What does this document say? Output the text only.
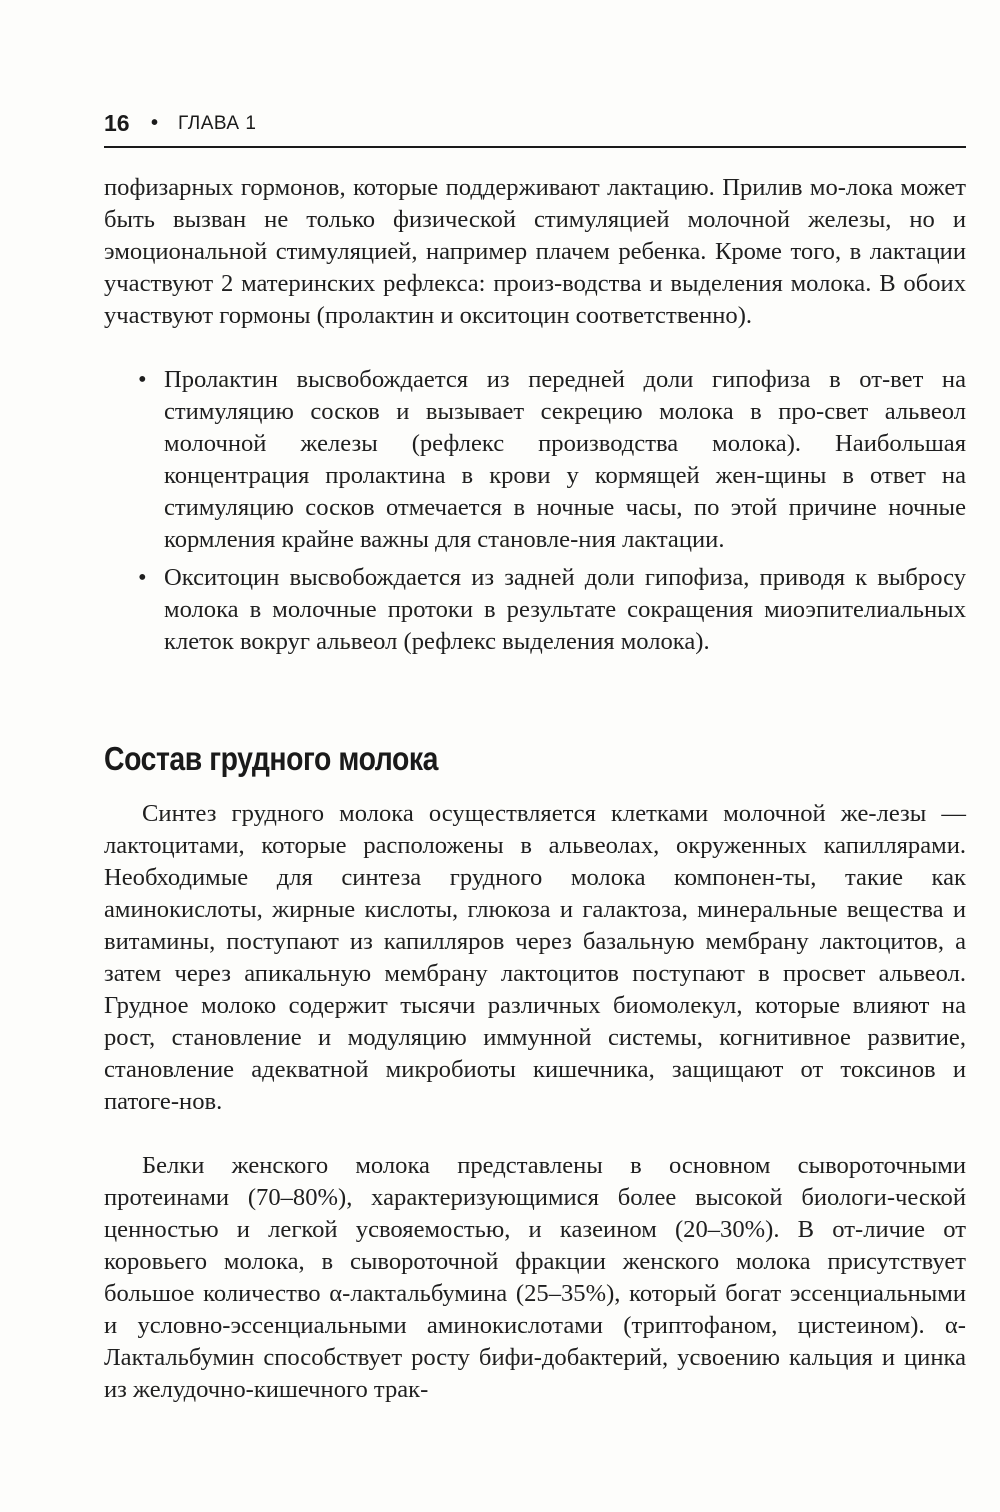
16 • ГЛАВА 1

пофизарных гормонов, которые поддерживают лактацию. Прилив мо-лока может быть вызван не только физической стимуляцией молочной железы, но и эмоциональной стимуляцией, например плачем ребенка. Кроме того, в лактации участвуют 2 материнских рефлекса: произ-водства и выделения молока. В обоих участвуют гормоны (пролактин и окситоцин соответственно).

• Пролактин высвобождается из передней доли гипофиза в от-вет на стимуляцию сосков и вызывает секрецию молока в про-свет альвеол молочной железы (рефлекс производства молока). Наибольшая концентрация пролактина в крови у кормящей жен-щины в ответ на стимуляцию сосков отмечается в ночные часы, по этой причине ночные кормления крайне важны для становле-ния лактации.
• Окситоцин высвобождается из задней доли гипофиза, приводя к выбросу молока в молочные протоки в результате сокращения миоэпителиальных клеток вокруг альвеол (рефлекс выделения молока).
Состав грудного молока

Синтез грудного молока осуществляется клетками молочной же-лезы — лактоцитами, которые расположены в альвеолах, окруженных капиллярами. Необходимые для синтеза грудного молока компонен-ты, такие как аминокислоты, жирные кислоты, глюкоза и галактоза, минеральные вещества и витамины, поступают из капилляров через базальную мембрану лактоцитов, а затем через апикальную мембрану лактоцитов поступают в просвет альвеол. Грудное молоко содержит тысячи различных биомолекул, которые влияют на рост, становление и модуляцию иммунной системы, когнитивное развитие, становление адекватной микробиоты кишечника, защищают от токсинов и патоге-нов.

Белки женского молока представлены в основном сывороточными протеинами (70–80%), характеризующимися более высокой биологи-ческой ценностью и легкой усвояемостью, и казеином (20–30%). В от-личие от коровьего молока, в сывороточной фракции женского молока присутствует большое количество α-лактальбумина (25–35%), который богат эссенциальными и условно-эссенциальными аминокислотами (триптофаном, цистеином). α-Лактальбумин способствует росту бифи-добактерий, усвоению кальция и цинка из желудочно-кишечного трак-
